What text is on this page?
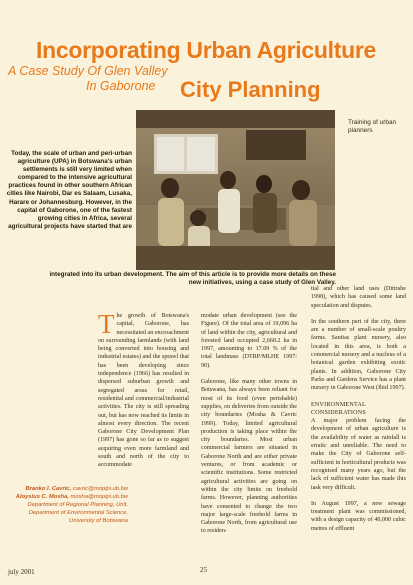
Incorporating Urban Agriculture
A Case Study Of Glen Valley
In Gaborone City Planning
Training of urban planners
Today, the scale of urban and peri-urban agriculture (UPA) in Botswana's urban settlements is still very limited when compared to the intensive agricultural practices found in other southern African cities like Nairobi, Dar es Salaam, Lusaka, Harare or Johannesburg. However, in the capital of Gaborone, one of the fastest growing cities in Africa, several agricultural projects have started that are
integrated into its urban development. The aim of this article is to provide more details on these new initiatives, using a case study of Glen Valley.
The growth of Botswana's capital, Gaborone, has necessitated an encroachment on surrounding farmlands (with land being converted into housing and industrial estates) and the sprawl that has been developing since independence (1966) has resulted in dispersed suburban growth and segregated areas for retail, residential and commercial/industrial activities. The city is still spreading out, but has now reached its limits in almost every direction. The recent Gaborone City Development Plan (1997) has gone so far as to suggest acquiring even more farmland and south and north of the city to accommodate
Branko I. Cavric, cavric@mopipi.ub.bw
Aloysius C. Mosha, mosha@mopipi.ub.bw
Department of Regional Planning, Unit, Department of Environmental Science, University of Botswana
modate urban development (see the Figure). Of the total area of 19,096 ha of land within the city, agricultural and forested land occupied 2,668.2 ha in 1997, amounting to 17.09 % of the total landmass (DTRP/MLHE 1997: 90).
Gaborone, like many other towns in Botswana, has always been reliant for most of its food (even perishable) supplies, on deliveries from outside the city boundaries (Mosha & Cavric 1999). Today, limited agricultural production is taking place within the city boundaries. Most urban commercial farmers are situated in Gaborone North and are either private ventures, or from academic or scientific institutions. Some restricted agricultural activities are going on within the city limits on freehold farms. However, planning authorities have consented to change the two major large-scale freehold farms in Gaborone North, from agricultural use to residen-
tial and other land uses (Dittrabe 1998), which has caused some land speculation and disputes.
In the southern part of the city, there are a number of small-scale poultry farms. Sanitas plant nursery, also located in this area, is both a commercial nursery and a nucleus of a botanical garden exhibiting exotic plants. In addition, Gaborone City Parks and Gardens Service has a plant nursery in Gaborone West (Ibid 1997).
ENVIRONMENTAL CONSIDERATIONS
A major problem facing the development of urban agriculture is the availability of water as rainfall is erratic and unreliable. The need to make the City of Gaborone self-sufficient in horticultural products was recognised many years ago, but the lack of sufficient water has made this task very difficult.
In August 1997, a new sewage treatment plant was commissioned, with a design capacity of 40,000 cubic metres of effluent
july 2001	25
